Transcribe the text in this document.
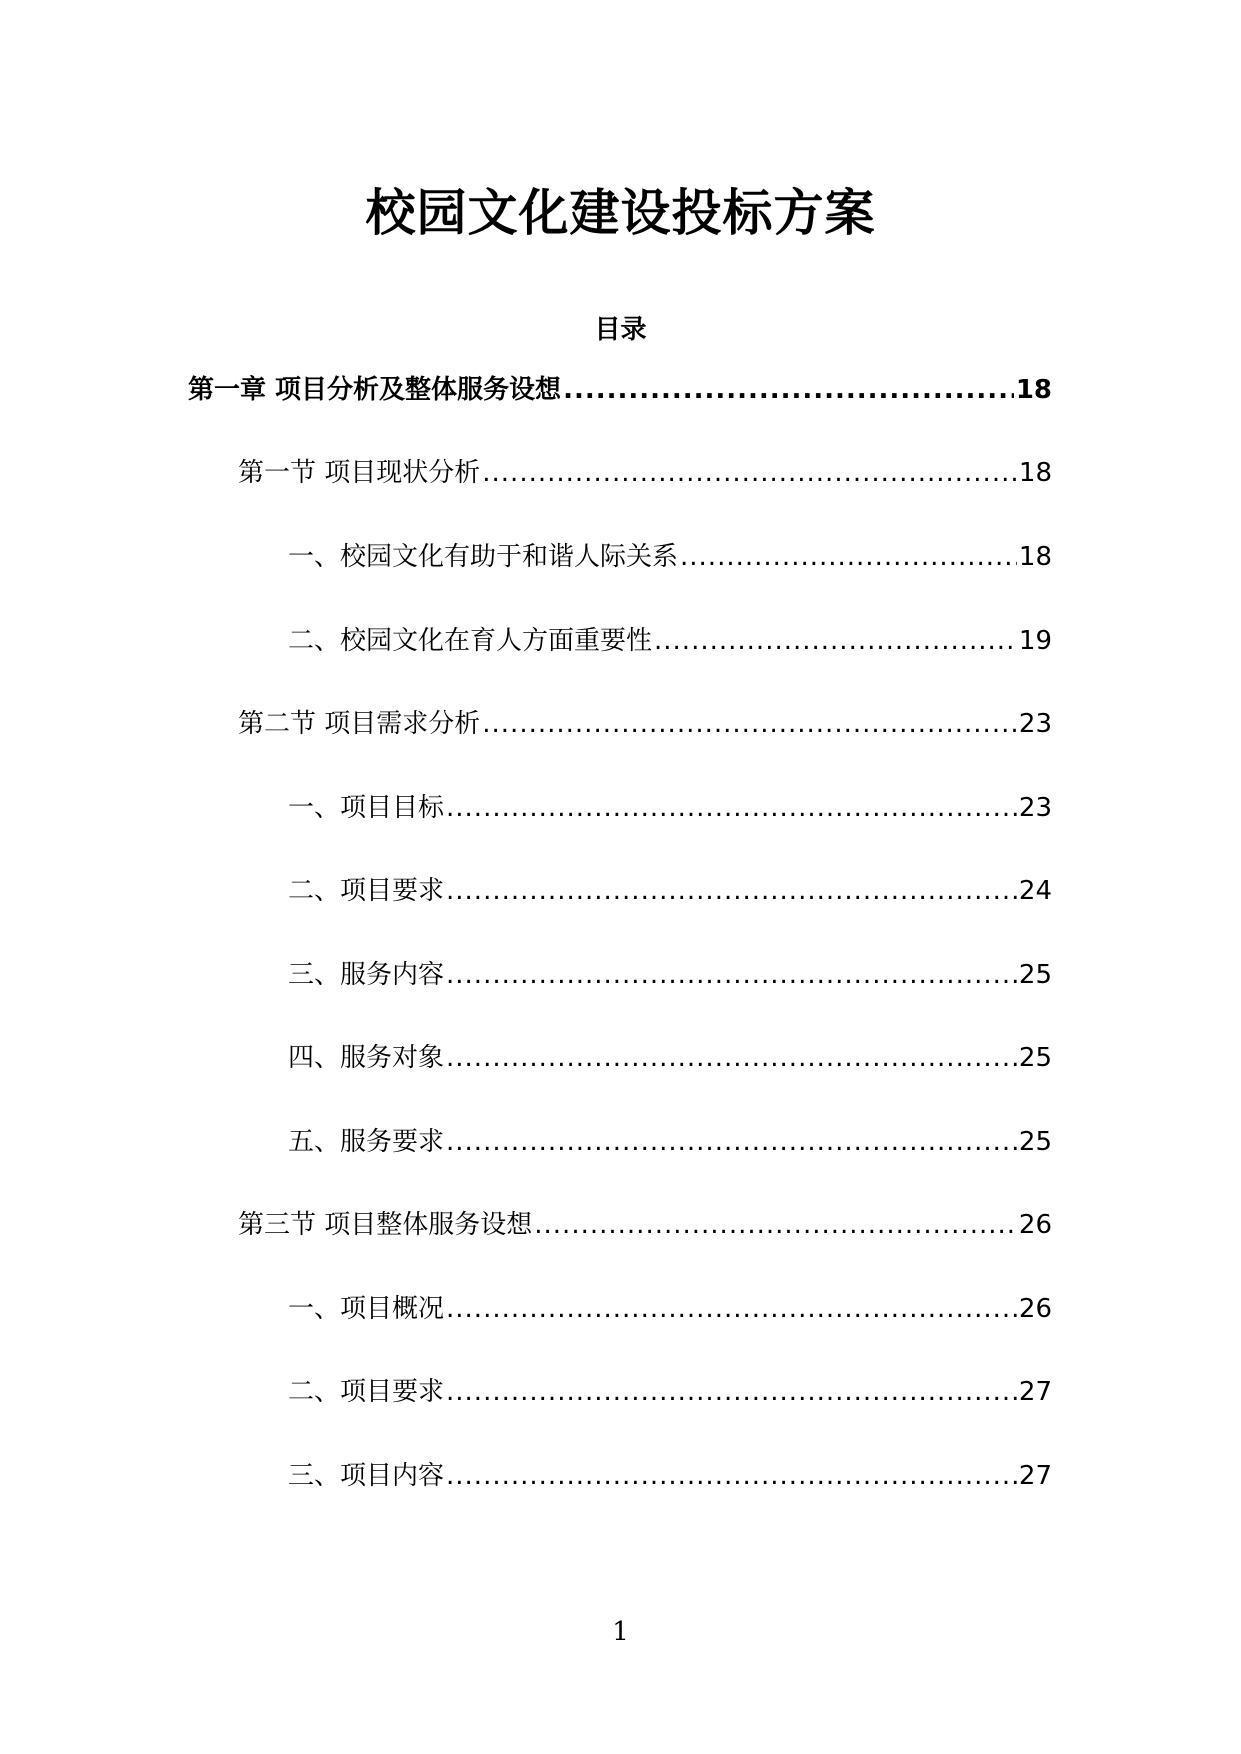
校园文化建设投标方案
目录
第一章 项目分析及整体服务设想 .....	18
第一节 项目现状分析 .....	18
一、校园文化有助于和谐人际关系 .....	18
二、校园文化在育人方面重要性 .....	19
第二节 项目需求分析 .....	23
一、项目目标 .....	23
二、项目要求 .....	24
三、服务内容 .....	25
四、服务对象 .....	25
五、服务要求 .....	25
第三节 项目整体服务设想 .....	26
一、项目概况 .....	26
二、项目要求 .....	27
三、项目内容 .....	27
1
